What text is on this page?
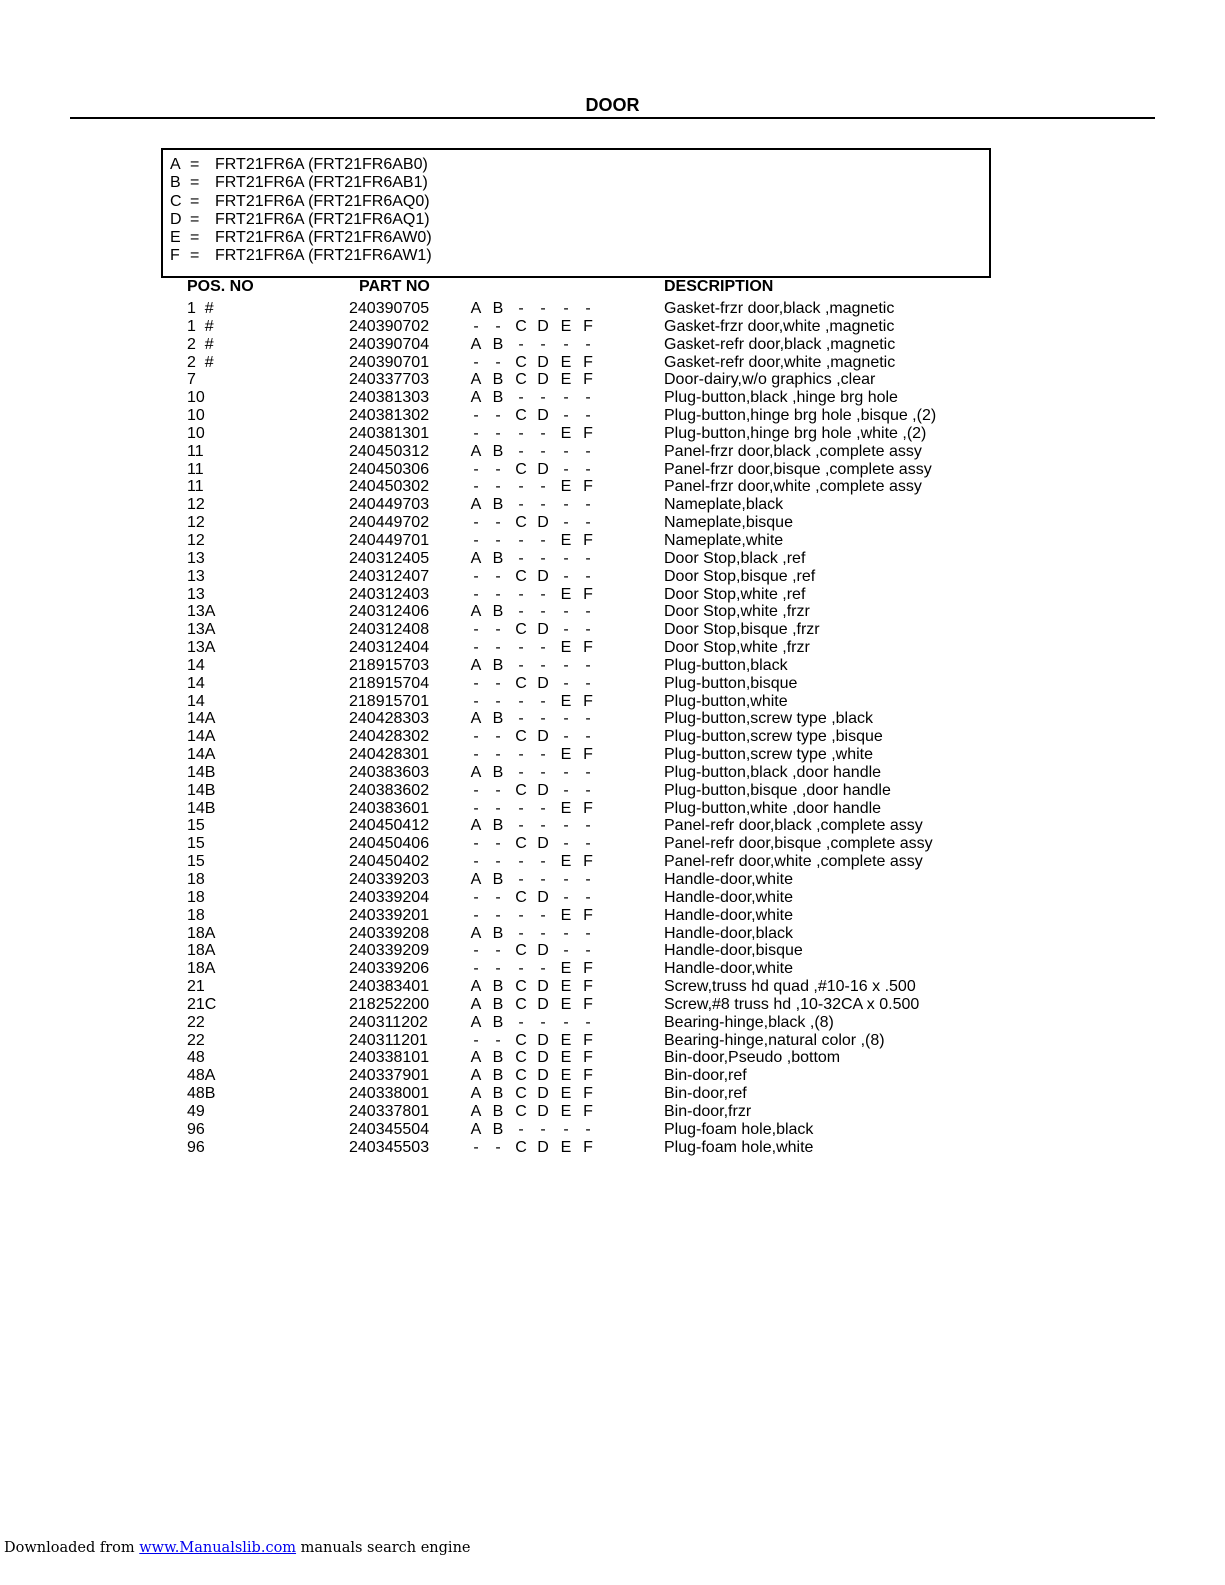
DOOR
A = FRT21FR6A (FRT21FR6AB0)
B = FRT21FR6A (FRT21FR6AB1)
C = FRT21FR6A (FRT21FR6AQ0)
D = FRT21FR6A (FRT21FR6AQ1)
E = FRT21FR6A (FRT21FR6AW0)
F = FRT21FR6A (FRT21FR6AW1)
POS. NO	PART NO	DESCRIPTION
1  #	240390705	A B - - - -	Gasket-frzr door,black ,magnetic
1  #	240390702	- - C D E F	Gasket-frzr door,white ,magnetic
2  #	240390704	A B - - - -	Gasket-refr door,black ,magnetic
2  #	240390701	- - C D E F	Gasket-refr door,white ,magnetic
7	240337703	A B C D E F	Door-dairy,w/o graphics ,clear
10	240381303	A B - - - -	Plug-button,black ,hinge brg hole
10	240381302	- - C D - -	Plug-button,hinge brg hole ,bisque ,(2)
10	240381301	- - - - E F	Plug-button,hinge brg hole ,white ,(2)
11	240450312	A B - - - -	Panel-frzr door,black ,complete assy
11	240450306	- - C D - -	Panel-frzr door,bisque ,complete assy
11	240450302	- - - - E F	Panel-frzr door,white ,complete assy
12	240449703	A B - - - -	Nameplate,black
12	240449702	- - C D - -	Nameplate,bisque
12	240449701	- - - - E F	Nameplate,white
13	240312405	A B - - - -	Door Stop,black ,ref
13	240312407	- - C D - -	Door Stop,bisque ,ref
13	240312403	- - - - E F	Door Stop,white ,ref
13A	240312406	A B - - - -	Door Stop,white ,frzr
13A	240312408	- - C D - -	Door Stop,bisque ,frzr
13A	240312404	- - - - E F	Door Stop,white ,frzr
14	218915703	A B - - - -	Plug-button,black
14	218915704	- - C D - -	Plug-button,bisque
14	218915701	- - - - E F	Plug-button,white
14A	240428303	A B - - - -	Plug-button,screw type ,black
14A	240428302	- - C D - -	Plug-button,screw type ,bisque
14A	240428301	- - - - E F	Plug-button,screw type ,white
14B	240383603	A B - - - -	Plug-button,black ,door handle
14B	240383602	- - C D - -	Plug-button,bisque ,door handle
14B	240383601	- - - - E F	Plug-button,white ,door handle
15	240450412	A B - - - -	Panel-refr door,black ,complete assy
15	240450406	- - C D - -	Panel-refr door,bisque ,complete assy
15	240450402	- - - - E F	Panel-refr door,white ,complete assy
18	240339203	A B - - - -	Handle-door,white
18	240339204	- - C D - -	Handle-door,white
18	240339201	- - - - E F	Handle-door,white
18A	240339208	A B - - - -	Handle-door,black
18A	240339209	- - C D - -	Handle-door,bisque
18A	240339206	- - - - E F	Handle-door,white
21	240383401	A B C D E F	Screw,truss hd quad ,#10-16 x .500
21C	218252200	A B C D E F	Screw,#8 truss hd ,10-32CA x 0.500
22	240311202	A B - - - -	Bearing-hinge,black ,(8)
22	240311201	- - C D E F	Bearing-hinge,natural color ,(8)
48	240338101	A B C D E F	Bin-door,Pseudo ,bottom
48A	240337901	A B C D E F	Bin-door,ref
48B	240338001	A B C D E F	Bin-door,ref
49	240337801	A B C D E F	Bin-door,frzr
96	240345504	A B - - - -	Plug-foam hole,black
96	240345503	- - C D E F	Plug-foam hole,white
Downloaded from www.Manualslib.com manuals search engine
